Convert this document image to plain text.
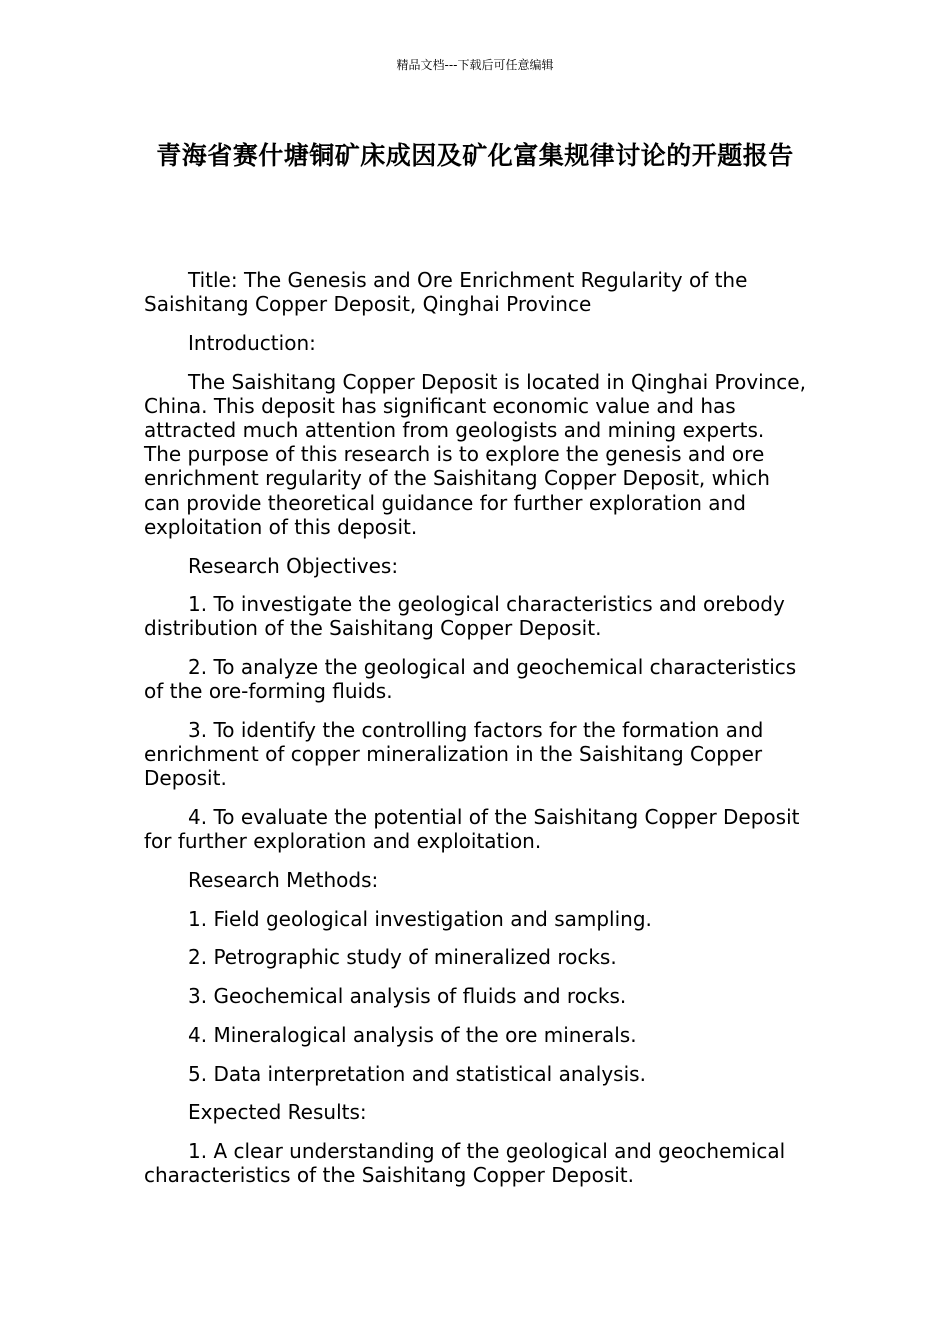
精品文档---下载后可任意编辑
青海省赛什塘铜矿床成因及矿化富集规律讨论的开题报告

Title: The Genesis and Ore Enrichment Regularity of the Saishitang Copper Deposit, Qinghai Province

Introduction:

The Saishitang Copper Deposit is located in Qinghai Province, China. This deposit has significant economic value and has attracted much attention from geologists and mining experts. The purpose of this research is to explore the genesis and ore enrichment regularity of the Saishitang Copper Deposit, which can provide theoretical guidance for further exploration and exploitation of this deposit.

Research Objectives:

1. To investigate the geological characteristics and orebody distribution of the Saishitang Copper Deposit.

2. To analyze the geological and geochemical characteristics of the ore-forming fluids.

3. To identify the controlling factors for the formation and enrichment of copper mineralization in the Saishitang Copper Deposit.

4. To evaluate the potential of the Saishitang Copper Deposit for further exploration and exploitation.

Research Methods:

1. Field geological investigation and sampling.

2. Petrographic study of mineralized rocks.

3. Geochemical analysis of fluids and rocks.

4. Mineralogical analysis of the ore minerals.

5. Data interpretation and statistical analysis.

Expected Results:

1. A clear understanding of the geological and geochemical characteristics of the Saishitang Copper Deposit.
